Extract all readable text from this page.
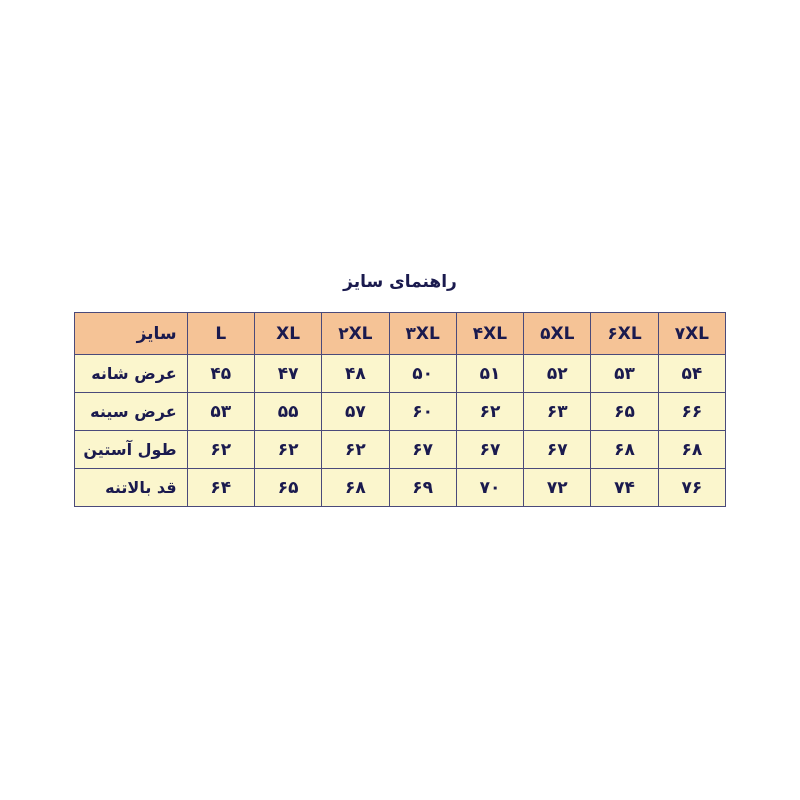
راهنمای سایز
۷XL	۶XL	۵XL	۴XL	۳XL	۲XL	XL	L	سایز
۵۴	۵۳	۵۲	۵۱	۵۰	۴۸	۴۷	۴۵	عرض شانه
۶۶	۶۵	۶۳	۶۲	۶۰	۵۷	۵۵	۵۳	عرض سینه
۶۸	۶۸	۶۷	۶۷	۶۷	۶۲	۶۲	۶۲	طول آستین
۷۶	۷۴	۷۲	۷۰	۶۹	۶۸	۶۵	۶۴	قد بالاتنه
